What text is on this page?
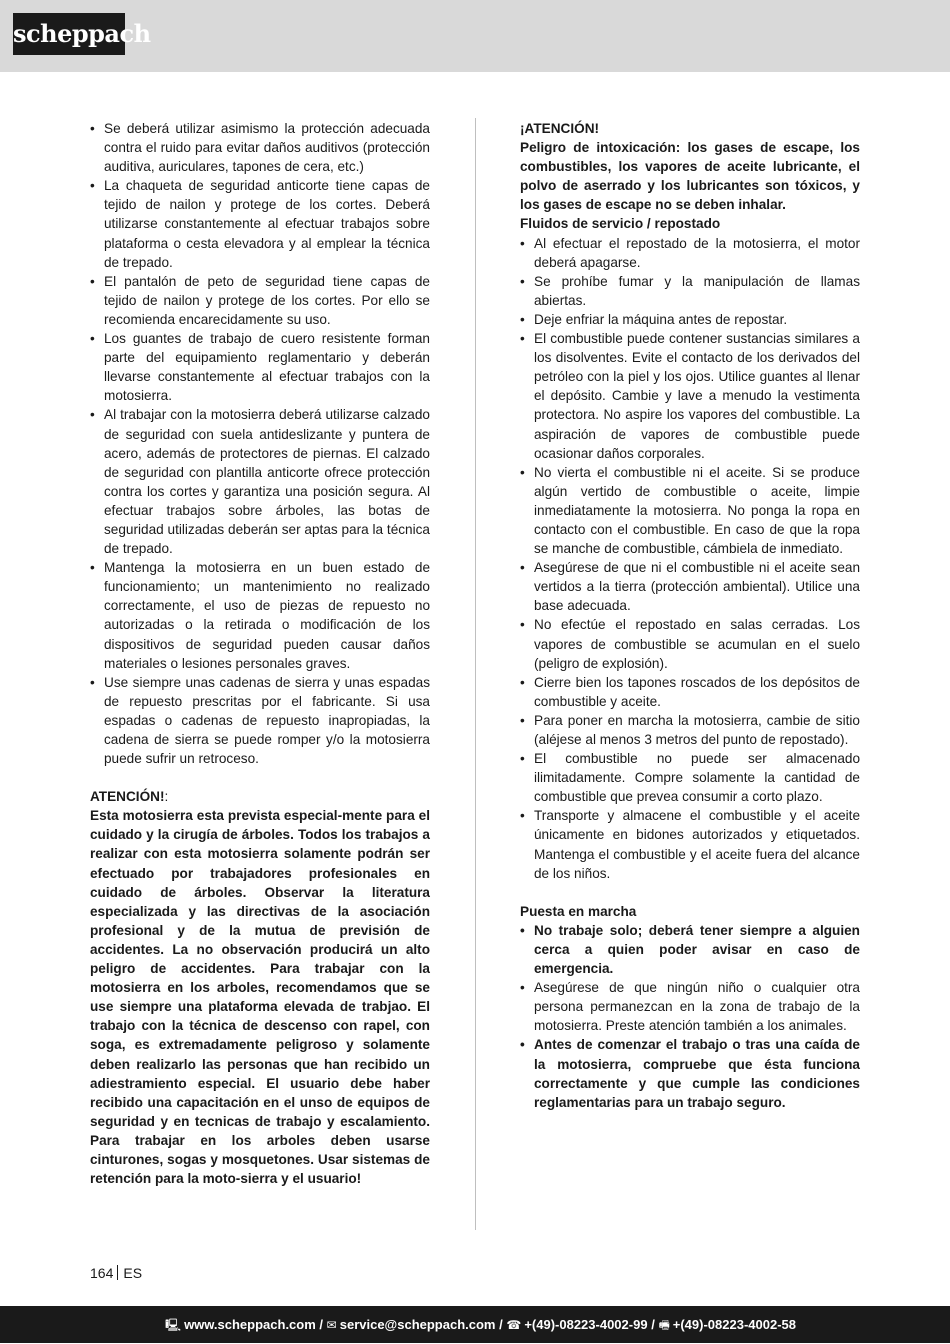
scheppach
• Se deberá utilizar asimismo la protección adecuada contra el ruido para evitar daños auditivos (protección auditiva, auriculares, tapones de cera, etc.)
• La chaqueta de seguridad anticorte tiene capas de tejido de nailon y protege de los cortes. Deberá utilizarse constantemente al efectuar trabajos sobre plataforma o cesta elevadora y al emplear la técnica de trepado.
• El pantalón de peto de seguridad tiene capas de tejido de nailon y protege de los cortes. Por ello se recomienda encarecidamente su uso.
• Los guantes de trabajo de cuero resistente forman parte del equipamiento reglamentario y deberán llevarse constantemente al efectuar trabajos con la motosierra.
• Al trabajar con la motosierra deberá utilizarse calzado de seguridad con suela antideslizante y puntera de acero, además de protectores de piernas. El calzado de seguridad con plantilla anticorte ofrece protección contra los cortes y garantiza una posición segura. Al efectuar trabajos sobre árboles, las botas de seguridad utilizadas deberán ser aptas para la técnica de trepado.
• Mantenga la motosierra en un buen estado de funcionamiento; un mantenimiento no realizado correctamente, el uso de piezas de repuesto no autorizadas o la retirada o modificación de los dispositivos de seguridad pueden causar daños materiales o lesiones personales graves.
• Use siempre unas cadenas de sierra y unas espadas de repuesto prescritas por el fabricante. Si usa espadas o cadenas de repuesto inapropiadas, la cadena de sierra se puede romper y/o la motosierra puede sufrir un retroceso.

ATENCIÓN!:

Esta motosierra esta prevista especial-mente para el cuidado y la cirugía de árboles. Todos los trabajos a realizar con esta motosierra solamente podrán ser efectuado por trabajadores profesionales en cuidado de árboles. Observar la literatura especializada y las directivas de la asociación profesional y de la mutua de previsión de accidentes. La no observación producirá un alto peligro de accidentes. Para trabajar con la motosierra en los arboles, recomendamos que se use siempre una plataforma elevada de trabjao. El trabajo con la técnica de descenso con rapel, con soga, es extremadamente peligroso y solamente deben realizarlo las personas que han recibido un adiestramiento especial. El usuario debe haber recibido una capacitación en el unso de equipos de seguridad y en tecnicas de trabajo y escalamiento. Para trabajar en los arboles deben usarse cinturones, sogas y mosquetones. Usar sistemas de retención para la moto-sierra y el usuario!

¡ATENCIÓN!

Peligro de intoxicación: los gases de escape, los combustibles, los vapores de aceite lubricante, el polvo de aserrado y los lubricantes son tóxicos, y los gases de escape no se deben inhalar.

Fluidos de servicio / repostado

• Al efectuar el repostado de la motosierra, el motor deberá apagarse.
• Se prohíbe fumar y la manipulación de llamas abiertas.
• Deje enfriar la máquina antes de repostar.
• El combustible puede contener sustancias similares a los disolventes. Evite el contacto de los derivados del petróleo con la piel y los ojos. Utilice guantes al llenar el depósito. Cambie y lave a menudo la vestimenta protectora. No aspire los vapores del combustible. La aspiración de vapores de combustible puede ocasionar daños corporales.
• No vierta el combustible ni el aceite. Si se produce algún vertido de combustible o aceite, limpie inmediatamente la motosierra. No ponga la ropa en contacto con el combustible. En caso de que la ropa se manche de combustible, cámbiela de inmediato.
• Asegúrese de que ni el combustible ni el aceite sean vertidos a la tierra (protección ambiental). Utilice una base adecuada.
• No efectúe el repostado en salas cerradas. Los vapores de combustible se acumulan en el suelo (peligro de explosión).
• Cierre bien los tapones roscados de los depósitos de combustible y aceite.
• Para poner en marcha la motosierra, cambie de sitio (aléjese al menos 3 metros del punto de repostado).
• El combustible no puede ser almacenado ilimitadamente. Compre solamente la cantidad de combustible que prevea consumir a corto plazo.
• Transporte y almacene el combustible y el aceite únicamente en bidones autorizados y etiquetados. Mantenga el combustible y el aceite fuera del alcance de los niños.

Puesta en marcha

• No trabaje solo; deberá tener siempre a alguien cerca a quien poder avisar en caso de emergencia.
• Asegúrese de que ningún niño o cualquier otra persona permanezcan en la zona de trabajo de la motosierra. Preste atención también a los animales.
• Antes de comenzar el trabajo o tras una caída de la motosierra, compruebe que ésta funciona correctamente y que cumple las condiciones reglamentarias para un trabajo seguro.
164 ES
🖳 www.scheppach.com / ✉ service@scheppach.com / ☎ +(49)-08223-4002-99 / 🖷 +(49)-08223-4002-58
